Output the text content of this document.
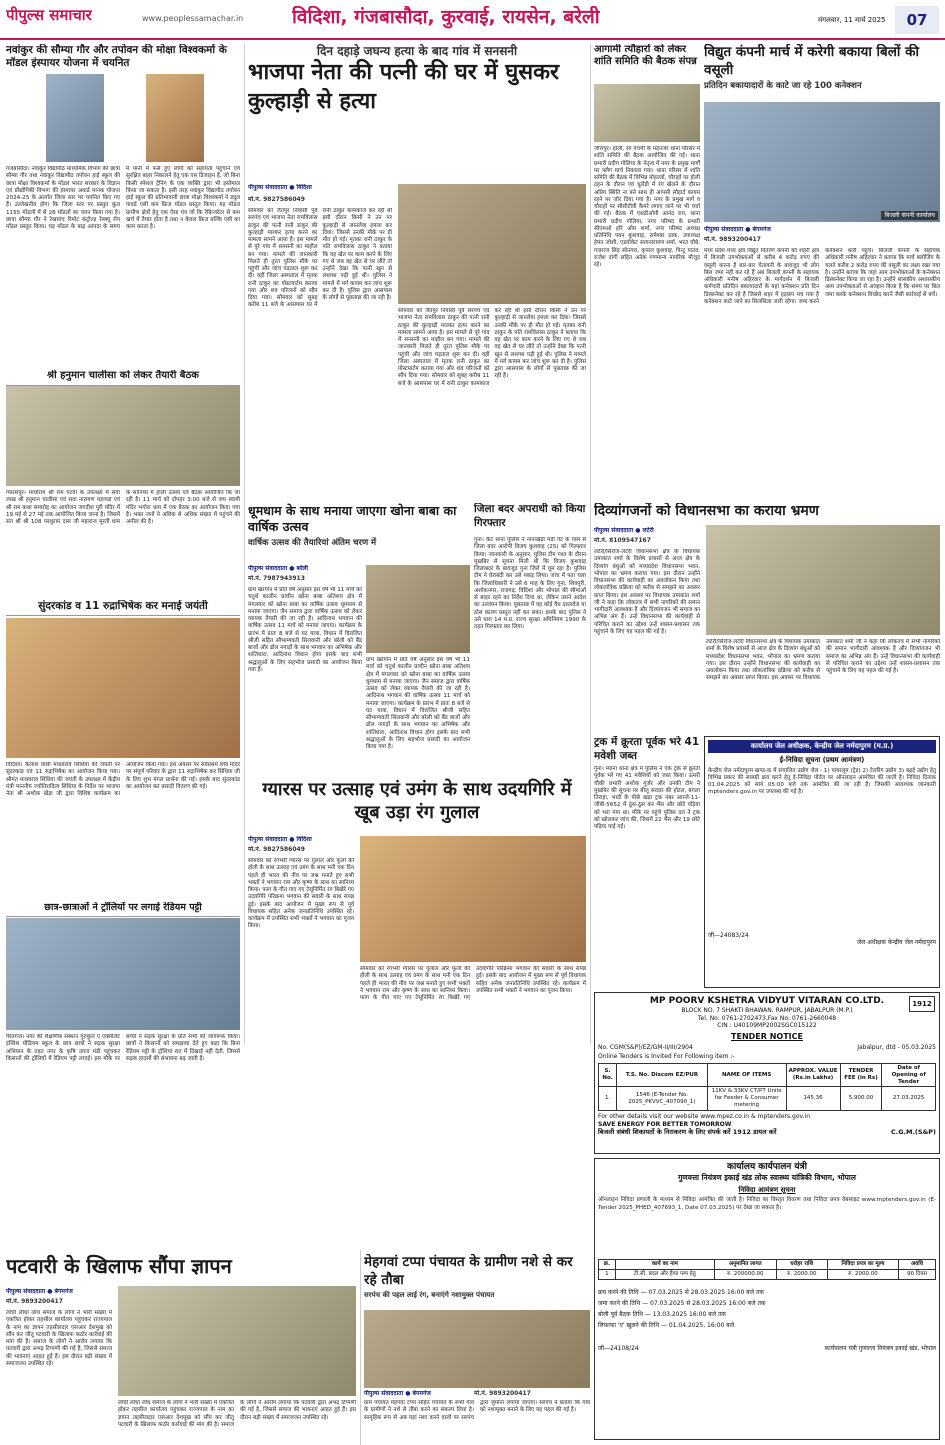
पीपुल्स समाचार	www.peoplessamachar.in	विदिशा, गंजबासौदा, कुरवाई, रायसेन, बरेली	मंगलवार, 11 मार्च 2025	07
नवांकुर की सौम्या गौर और तपोवन की मोक्षा विश्वकर्मा के मॉडल इंस्पायर योजना में चयनित
गंजबासौदा। नवांकुर विद्यापीठ माध्यमिक विभाग की छात्रा सौम्या गौर तथा नवांकुर विद्यापीठ तपोवन हाई स्कूल की छात्रा मोक्षा विश्वकर्मा के मॉडल भारत सरकार के विज्ञान एवं प्रौद्योगिकी विभाग की इंस्पायर अवार्ड मानक योजना 2024-25 के अंतर्गत जिला स्तर पर चयनित किए गए हैं। उल्लेखनीय होगा कि जिला स्तर पर प्रस्तुत कुल 1155 मॉडलों में से 28 मॉडलों का चयन किया गया है। छात्रा सौम्या गौर ने रेखावंच रिमोट कंट्रोल्ड रेस्क्यू रोप मॉडल प्रस्तुत किया। यह मॉडल के बाढ़ आपदा के समय में पानी में फंसे हुए लोगों को सहायता पहुंचाने एवं सुरक्षित बाहर निकालने हेतु एक एस डिजाइन है, जो बिना किसी स्पेशल ट्रेनिंग के एक व्यक्ति द्वारा भी इस्तेमाल किया जा सकता है। इसी तरह नवांकुर विद्यापीठ तपोवन हाई स्कूल की प्रतिभावानी छात्रा मोक्षा विश्वकर्मा ने ड्यूल पावर्ड एसी कम फ्रिज मॉडल प्रस्तुत किया। यह मॉडल ग्रामीण क्षेत्रों हेतु एक ऐसा यंत्र जो कि रेफ्रिजरेटर से कम खर्च में तैयार होता है तथा न केवल फ्रिज बल्कि एसी का काम करता है।
श्री हनुमान चालीसा को लेकर तैयारी बैठक
ग्यारसपुर। माधोराम श्री राम पटवा के उपलक्ष्य में सवा लाख श्री हनुमान चालीसा एवं सवा नारायण महायज्ञ एवं श्री राम कथा समारोह का आयोजन जगदीश पुरी मंदिर में 19 मई से 27 मई तक आयोजित किया जाना है। जिसमें संत श्री श्री 108 परशुराम दास जी महाराज मूरती धाम के सानिध्य में होली उत्सव एवं बैठक आयोजित कि जा रही है। 11 मार्च को दोपहर 3:00 बजे से जय स्वामी मंदिर भगोरा धाम में एक बैठक का आयोजन किया गया है। भक्त जनों ने अधिक से अधिक संख्या में पहुंचने की अपील की है।
सुंदरकांड व 11 रुद्राभिषेक कर मनाई जयंती
विदिशा। कैलाश वासी माधवराव सिंधिया की जयंती पर सुंदरकांड एवं 11 रुद्राभिषेक का आयोजन किया गया। श्रीमंत माधवराव सिंधिया की जयंती के उपलक्ष्य में केंद्रीय मंत्री माननीय ज्योतिरादित्य सिंधिया के निर्देश पर भाजपा नेता श्री अशोक खेड़ा जी द्वारा विशिष्ट कार्यक्रम का आयोजन किया गया। इस अवसर पर सर्वप्रथम शिव मंदिर पर संपूर्ण परिवार के द्वारा 11 रुद्राभिषेक कर सिंधिया जी के लिए शुभ मंगल प्रार्थना की गई। इसके बाद सुंदरकांड का आयोजन कर प्रसादी वितरण की गई।
छात्र-छात्राओं ने ट्रॉलियों पर लगाई रेडियम पट्टी
गैरतगंज। नगर की शैक्षणिक संस्थान गुरुकुल ए एक्सीलेंट इंग्लिश मीडियम स्कूल के छात्र छात्रों ने सड़क सुरक्षा अभियान के तहत नगर के कृषि उपज मंडी पहुंचकर किसानों की ट्रॉलियों में रेडियम पट्टी लगाई। इस मौके पर बच्चों ने सड़क सुरक्षा के प्रति सभी को जागरूक किया। छात्रों ने किसानों को समझाया देते हुए कहा कि बिना रेडियम पट्टी के ट्रॉलियां रात में दिखाई नहीं देती, जिससे सड़क हादसों की संभावना बढ़ जाती है।
दिन दहाड़े जघन्य हत्या के बाद गांव में सनसनी
भाजपा नेता की पत्नी की घर में घुसकर कुल्हाड़ी से हत्या
पीपुल्स संवाददाता ● विदिशा
मो.नं. 9827586049
सोमवार को जैतपुर निवासी पूर्व सरपंच एवं भाजपा नेता रामविलास ठाकुर की पत्नी रानी ठाकुर की कुल्हाड़ी मारकर हत्या करने का मामला सामने आया है। इस मामले से पूरे गांव में सनसनी का माहौल बन गया। मामले की जानकारी मिलते ही तुरंत पुलिस मौके पर पहुंची और जांच पड़ताल शुरू कर दी। वहीं जिला अस्पताल में मृतक रानी ठाकुर का पोस्टमार्टम कराया गया और शव परिजनों को सौंप दिया गया। सोमवार को सुबह करीब 11 बजे के आसपास घर में रानी ठाकुर कामकाज कर रही थी इसी दौरान किसी ने उन पर कुल्हाड़ी से जानलेवा हमला कर दिया। जिससे उनकी मौके पर ही मौत हो गई। मृतका रानी ठाकुर के पति रामविलास ठाकुर ने बताया कि वह खेत पर काम करने के लिए गए थे जब वह खेत से घर लौटे तो उन्होंने देखा कि पत्नी खून से लथपथ पड़ी हुई थी। पुलिस ने मामले में मर्ग कायम कर जांच शुरू कर दी है। पुलिस द्वारा आसपास के लोगों से पूछताछ की जा रही है।
सोमवार को जैतपुर निवासी पूर्व सरपंच एवं भाजपा नेता रामविलास ठाकुर की पत्नी रानी ठाकुर की कुल्हाड़ी मारकर हत्या करने का मामला सामने आया है। इस मामले से पूरे गांव में सनसनी का माहौल बन गया। मामले की जानकारी मिलते ही तुरंत पुलिस मौके पर पहुंची और जांच पड़ताल शुरू कर दी। वहीं जिला अस्पताल में मृतक रानी ठाकुर का पोस्टमार्टम कराया गया और शव परिजनों को सौंप दिया गया। सोमवार को सुबह करीब 11 बजे के आसपास घर में रानी ठाकुर कामकाज कर रही थी इसी दौरान किसी ने उन पर कुल्हाड़ी से जानलेवा हमला कर दिया। जिससे उनकी मौके पर ही मौत हो गई। मृतका रानी ठाकुर के पति रामविलास ठाकुर ने बताया कि वह खेत पर काम करने के लिए गए थे जब वह खेत से घर लौटे तो उन्होंने देखा कि पत्नी खून से लथपथ पड़ी हुई थी। पुलिस ने मामले में मर्ग कायम कर जांच शुरू कर दी है। पुलिस द्वारा आसपास के लोगों से पूछताछ की जा रही है।
आगामी त्यौहारों को लेकर शांति समिति की बैठक संपन्न
जीरापुर। होली, रंग पंचमी के मद्देनजर थाना परिसर में शांति समिति की बैठक आयोजित की गई। थाना प्रभारी प्रदीप गोलिया के नेतृत्व में नगर के प्रमुख मार्गों पर फ्लैग मार्च निकाला गया। थाना परिसर में शांति समिति की बैठक में विभिन्न मोहल्लों, चौराहों पर होली दहन के दौरान एवं धुलेंडी में रंग खेलने के दौरान अप्रिय स्थिति ना बने साथ ही आपसी सौहार्द कायम रहने पर जोर दिया गया है। नगर के प्रमुख मार्ग व चौराहों पर सीसीटीवी कैमरे लगाए जाने पर भी चर्चा की गई। बैठक में एसडीओपी आनंद राय, थाना प्रभारी प्रदीप गोलिया, नगर परिषद के प्रभारी सीएमओ हरि ओम शर्मा, नगर परिषद अध्यक्ष प्रतिनिधि पवन कुशवाह, रामेश्वर ठाक, उपाध्यक्ष हेमंत जोशी, एडवोकेट सत्यनारायण शर्मा, भरत चौबे, गजराज सिंह सोनगरा, कृपाल कुशवाह, पिन्टू यादव, राजेश दांगी सहित अनेक गणमान्य नागरिक मौजूद रहे।
विद्युत कंपनी मार्च में करेगी बकाया बिलों की वसूली
प्रतिदिन बकायादारों के काटे जा रहे 100 कनेक्शन
बिजली कंपनी कार्यालय
पीपुल्स संवाददाता ● बेगमगंज
मो.नं. 9893200417
मध्य प्रदेश मध्य क्षेत्र विद्युत वितरण कंपनी को शहरी क्षेत्र में बिजली उपभोक्ताओं से करीब 4 करोड़ रुपए की वसूली करना है बार-बार चेतावनी के बावजूद भी लोग बिल जमा नहीं कर रहे हैं अब बिजली कंपनी के सहायक अधिकारी मनीष अहिरवार के मार्गदर्शन में बिजली कर्मचारी प्रतिदिन बकायादारों के यहां कनेक्शन प्रति दिन डिस्कनेक्ट कर रहे हैं जिससे शहर में हड़कंप मच गया है कनेक्शन काटे जाने का सिलसिला जारी रहेगा। जमा करने कनेक्शन थारी पहुंचे। बिजली कंपनी के सहायक अधिकारी मनीष अहिरवार ने बताया कि मार्च क्लोजिंग के चलते करीब 2 करोड़ रुपए की वसूली का लक्ष्य रखा गया है। उन्होंने बताया कि जहां आम उपभोक्ताओं के कनेक्शन डिस्कनेक्ट किया जा रहा है। उन्होंने शासकीय अशासकीय आम उपभोक्ताओं से आव्हान किया है कि समय पर बिल जमा करके कनेक्शन विच्छेद करने जैसी कार्रवाई से बचें।
धूमधाम के साथ मनाया जाएगा खोना बाबा का वार्षिक उत्सव
वार्षिक उत्सव की तैयारियां अंतिम चरण में
पीपुल्स संवाददाता ● बरेली
मो.नं. 7987943913
ग्राम खरगोन में प्रति वर्ष अनुसार इस वर्ष भी 11 मार्च को चतुर्थ कालीन प्राचीन खोना बाबा अतिशय क्षेत्र में मंगलवार को खोना बाबा का वार्षिक उत्सव धूमधाम से मनाया जाएगा। जैन समाज द्वारा वार्षिक उत्सव को लेकर व्यापक तैयारी की जा रही है। आदिनाथ भगवान की वार्षिक उत्सव 11 मार्च को मनाया जाएगा। कार्यक्रम के प्रारंभ में प्रातः 8 बजे से घट यात्रा, विधान में विराजित श्रीजी सहित सौभाग्यवती सिलवानी और बरेली को बैंड बाजों और ढोल नगाड़ों के साथ भगवान का अभिषेक और शांतिधारा, आदिनाथ विधान होगा इसके बाद सभी श्रद्धालुओं के लिए सहभोज प्रसादी का आयोजन किया गया है।
ग्राम खरगोन में प्रति वर्ष अनुसार इस वर्ष भी 11 मार्च को चतुर्थ कालीन प्राचीन खोना बाबा अतिशय क्षेत्र में मंगलवार को खोना बाबा का वार्षिक उत्सव धूमधाम से मनाया जाएगा। जैन समाज द्वारा वार्षिक उत्सव को लेकर व्यापक तैयारी की जा रही है। आदिनाथ भगवान की वार्षिक उत्सव 11 मार्च को मनाया जाएगा। कार्यक्रम के प्रारंभ में प्रातः 8 बजे से घट यात्रा, विधान में विराजित श्रीजी सहित सौभाग्यवती सिलवानी और बरेली को बैंड बाजों और ढोल नगाड़ों के साथ भगवान का अभिषेक और शांतिधारा, आदिनाथ विधान होगा इसके बाद सभी श्रद्धालुओं के लिए सहभोज प्रसादी का आयोजन किया गया है।
जिला बदर अपराधी को किया गिरफ्तार
गुना। कैंट थाना पुलिस ने नानाखेड़ी मंडी गेट के पास से जिला बदर आरोपी विजय कुशवाह (25) को गिरफ्तार किया। जानकारी के अनुसार, पुलिस टीम गश्त के दौरान मुखबिर से सूचना मिली थी कि विजय कुशवाह जिलाबदर के बावजूद गुना जिले में घूम रहा है। पुलिस टीम ने घेराबंदी कर उसे पकड़ लिया। जांच में पता चला कि जिलाधिकारी ने उसे 6 माह के लिए गुना, शिवपुरी, अशोकनगर, राजगढ़, विदिशा और भोपाल की सीमाओं से बाहर रहने का निर्देश दिया था, लेकिन उसने आदेश का उल्लंघन किया। पूछताछ में वह कोई वैध दस्तावेज या ठोस कारण प्रस्तुत नहीं कर सका। इसके बाद पुलिस ने उसे धारा 14 म.प्र. राज्य सुरक्षा अधिनियम 1990 के तहत गिरफ्तार कर लिया।
दिव्यांगजनों को विधानसभा का कराया भ्रमण
पीपुल्स संवाददाता ● लटेरी
मो.नं. 8109547167
लटेरी/सिरोंज-लटेरी विधानसभा क्षेत्र के विधायक उमाकांत शर्मा के विशेष प्रयासों से आज क्षेत्र के दिव्यांग बंधुओं को मध्यप्रदेश विधानसभा भवन, भोपाल का भ्रमण कराया गया। इस दौरान उन्होंने विधानसभा की कार्यवाही का अवलोकन किया तथा लोकतांत्रिक प्रक्रिया को करीब से समझने का अवसर प्राप्त किया। इस अवसर पर विधायक उमाकांत शर्मा जी ने कहा कि लोकतंत्र में सभी नागरिकों की समान भागीदारी आवश्यक है और दिव्यांगजन भी समाज का अभिन्न अंग हैं। उन्हें विधानसभा की कार्यवाही से परिचित कराने का उद्देश्य उन्हें शासन-प्रशासन तक पहुंचाने के लिए यह पहल की गई है।
लटेरी/सिरोंज-लटेरी विधानसभा क्षेत्र के विधायक उमाकांत शर्मा के विशेष प्रयासों से आज क्षेत्र के दिव्यांग बंधुओं को मध्यप्रदेश विधानसभा भवन, भोपाल का भ्रमण कराया गया। इस दौरान उन्होंने विधानसभा की कार्यवाही का अवलोकन किया तथा लोकतांत्रिक प्रक्रिया को करीब से समझने का अवसर प्राप्त किया। इस अवसर पर विधायक उमाकांत शर्मा जी ने कहा कि लोकतंत्र में सभी नागरिकों की समान भागीदारी आवश्यक है और दिव्यांगजन भी समाज का अभिन्न अंग हैं। उन्हें विधानसभा की कार्यवाही से परिचित कराने का उद्देश्य उन्हें शासन-प्रशासन तक पहुंचाने के लिए यह पहल की गई है।
ट्रक में क्रूरता पूर्वक भरे 41 मवेशी जब्त
गुना। म्याना थाना क्षेत्र में पुलिस ने एक ट्रक से क्रूरता पूर्वक भरे गए 41 मवेशियों को जब्त किया। ऊमरी चौकी प्रभारी अशोक गुर्जर और उनकी टीम ने मुखबिर की सूचना पर बीलू सरदार की होटल, बंगला तिराहा, भादौ के पीछे खड़ा ट्रक नंबर आरजे-11-जीबी-5652 में ठूंस-ठूंस कर भैंस और छोटे पड़िया को भरा गया था। मौके पर पहुंचे पुलिस दल ने ट्रक को खोलकर जांच की, जिसमें 22 भैंस और 19 छोटे पड़िया पाई गईं।
कार्यालय जेल अधीक्षक, केन्द्रीय जेल नर्मदापुरम (म.प्र.)
ई-निविदा सूचना (प्रथम आमंत्रण)
केन्द्रीय जेल नर्मदापुरम खण्ड-क में संचालित उद्योग जेल - 1) पावरलूम (ट्रेड) 2) टेलरिंग उद्योग 3) बढ़ई उद्योग हेतु विभिन्न प्रकार की सामग्री क्रय करने हेतु ई-निविदा पोर्टल पर ऑनलाइन आमंत्रित की जाती है। निविदा दिनांक 01.04.2025 को सायं 05:00 बजे तक आमंत्रित की जा रही है। जिसकी आवश्यक जानकारी mptenders.gov.in पर उपलब्ध की गई है।
जी—24083/24
जेल अधीक्षक केन्द्रीय जेल नर्मदापुरम
ग्यारस पर उत्साह एवं उमंग के साथ उदयगिरि में खूब उड़ा रंग गुलाल
पीपुल्स संवाददाता ● विदिशा
मो.नं. 9827586049
सोमवार को रंगभरी ग्यारस पर गुलाल और फूलों की होली के साथ उत्साह एवं उमंग के साथ मनी एक दिन पहले ही भारत की नींव पर जश्न मनाते हुए सभी भक्तों ने भगवान राम और कृष्ण के साथ का सानिध्य किया। फाग के गीत गाए गए टेसूनिर्मित रंग बिखेरे गए उदयगिरि परिक्रमा भगवान की सवारी के साथ संपन्न हुई। इसके बाद आयोजन में मुख्य रूप से पूर्व विधायक सहित अनेक जनप्रतिनिधि उपस्थित रहे। कार्यक्रम में उपस्थित सभी भक्तों ने भगवान का पूजन किया।
सोमवार को रंगभरी ग्यारस पर गुलाल और फूलों की होली के साथ उत्साह एवं उमंग के साथ मनी एक दिन पहले ही भारत की नींव पर जश्न मनाते हुए सभी भक्तों ने भगवान राम और कृष्ण के साथ का सानिध्य किया। फाग के गीत गाए गए टेसूनिर्मित रंग बिखेरे गए उदयगिरि परिक्रमा भगवान की सवारी के साथ संपन्न हुई। इसके बाद आयोजन में मुख्य रूप से पूर्व विधायक सहित अनेक जनप्रतिनिधि उपस्थित रहे। कार्यक्रम में उपस्थित सभी भक्तों ने भगवान का पूजन किया।
MP POORV KSHETRA VIDYUT VITARAN CO.LTD.
BLOCK NO. 7 SHAKTI BHAWAN, RAMPUR, JABALPUR (M.P.)
Tel. No: 0761-2702473,Fax No: 0761-2660048
CIN : U40109MP2002SGC015122
1912
TENDER NOTICE
No. CGM(S&P)/EZ/GM-II/III/2904	Jabalpur, dtd - 05.03.2025
Online Tenders is Invited For Following item :-
S. No.	T.S. No. Discom EZ/PUR	NAME OF ITEMS	APPROX. VALUE (Rs.in Lakhs)	TENDER FEE (in Rs)	Date of Opening of Tender
1.	1546 (E-Tender No. 2025_PKVVC_407090_1)	11KV & 33KV CT/PT Units for Feeder & Consumer metering	145.36	5,900.00	27.03.2025
For other details visit our website www.mpez.co.in & mptenders.gov.in
SAVE ENERGY FOR BETTER TOMORROW
बिजली संबंधी शिकायतों के निराकरण के लिए संपर्क करें 1912 डायल करें	C.G.M.(S&P)
कार्यालय कार्यपालन यंत्री
गुणवत्ता नियंत्रण इकाई खंड लोक स्वास्थ्य यांत्रिकी विभाग, भोपाल
निविदा आमंत्रण सूचना
ऑनलाइन निविदा प्रणाली के माध्यम से निविदा आमंत्रित की जाती है। निविदा का विस्तृत विवरण तथा निविदा प्रपत्र वेबसाइट www.mptenders.gov.in (E-Tender 2025_PHED_407693_1, Date 07.03.2025) पर देखा जा सकता है।
क्र.	कार्य का नाम	अनुमानित लागत	धरोहर राशि	निविदा प्रपत्र का मूल्य	अवधि
1	टी.सी. बदल और हैण्ड पम्प हेतु	रु. 200000.00	रु. 2000.00	रु. 2000.00	90 दिवस
क्रय करने की तिथि — 07.03.2025 से 28.03.2025 16:00 बजे तक
जमा करने की तिथि — 07.03.2025 से 28.03.2025 16:00 बजे तक
बोली पूर्व बैठक तिथि — 13.03.2025 16:00 बजे तक
लिफाफा 'ए' खुलने की तिथि — 01.04.2025, 16:00 बजे
जी—24108/24	कार्यपालन यंत्री गुणवत्ता नियंत्रण इकाई खंड, भोपाल
पटवारी के खिलाफ सौंपा ज्ञापन
पीपुल्स संवाददाता ● बेगमगंज
मो.नं. 9893200417
लोधी लोधा लोध समाज के लोगों ने भारी संख्या में एकत्रित होकर तहसील कार्यालय पहुंचकर राज्यपाल के नाम का ज्ञापन तहसीलदार एसआर देशमुख को सौंप कर जीतू पटवारी के खिलाफ कठोर कार्रवाई की मांग की है। समाज के लोगों ने आरोप लगाया कि पटवारी द्वारा अभद्र टिप्पणी की गई है, जिससे समाज की भावनाएं आहत हुई हैं। इस दौरान बड़ी संख्या में समाजजन उपस्थित रहे।
लोधी लोधा लोध समाज के लोगों ने भारी संख्या में एकत्रित होकर तहसील कार्यालय पहुंचकर राज्यपाल के नाम का ज्ञापन तहसीलदार एसआर देशमुख को सौंप कर जीतू पटवारी के खिलाफ कठोर कार्रवाई की मांग की है। समाज के लोगों ने आरोप लगाया कि पटवारी द्वारा अभद्र टिप्पणी की गई है, जिससे समाज की भावनाएं आहत हुई हैं। इस दौरान बड़ी संख्या में समाजजन उपस्थित रहे।
मेहगवां टप्पा पंचायत के ग्रामीण नशे से कर रहे तौबा
सरपंच की पहल लाई रंग, बनाएंगे नशामुक्त पंचायत
पीपुल्स संवाददाता ● बेगमगंज	मो.नं. 9893200417
ग्राम पंचायत मेहगवां टप्पा सहित पंचायत के सभी गांव के ग्रामीणों ने नशे से तौबा करने का संकल्प लिया है। सामूहिक रूप से अब यहां नशा करने वालों पर सरपंच द्वारा जुर्माना लगाया जाएगा। सरपंच ने बताया कि गांव को नशामुक्त बनाने के लिए यह पहल की गई है।
